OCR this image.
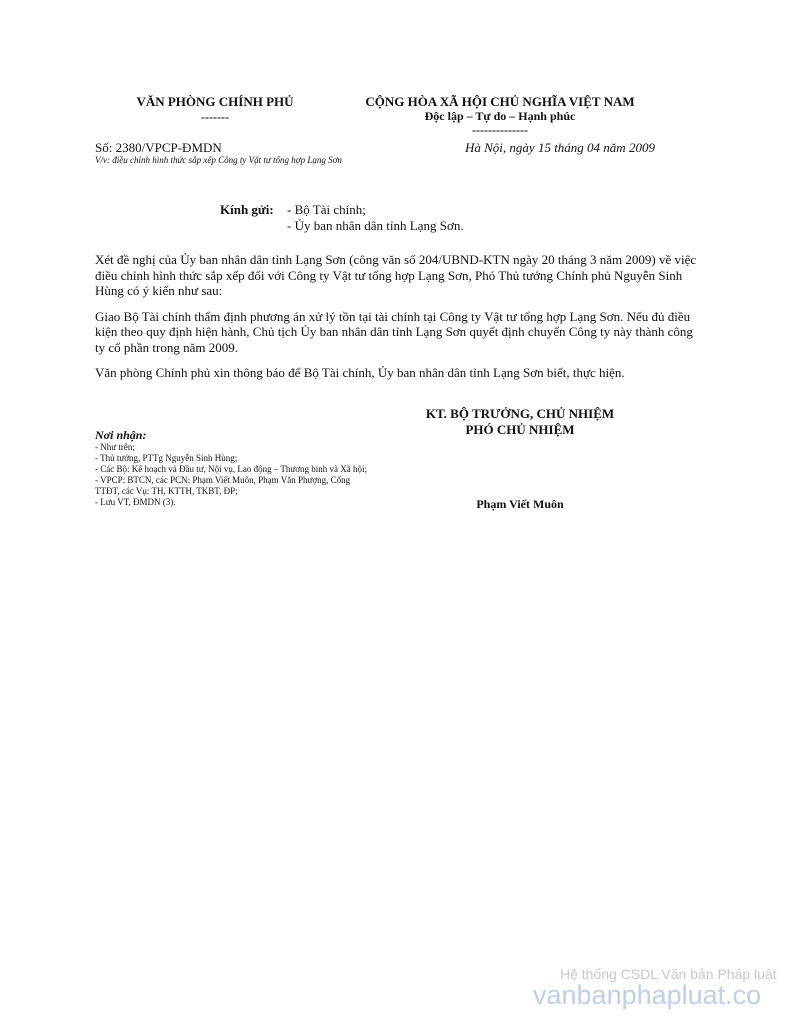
VĂN PHÒNG CHÍNH PHỦ
-------
CỘNG HÒA XÃ HỘI CHỦ NGHĨA VIỆT NAM
Độc lập – Tự do – Hạnh phúc
--------------
Số: 2380/VPCP-ĐMDN
V/v: điều chỉnh hình thức sắp xếp Công ty Vật tư tổng hợp Lạng Sơn
Hà Nội, ngày 15 tháng 04 năm 2009
Kính gửi: - Bộ Tài chính;
- Ủy ban nhân dân tỉnh Lạng Sơn.

Xét đề nghị của Ủy ban nhân dân tỉnh Lạng Sơn (công văn số 204/UBND-KTN ngày 20 tháng 3 năm 2009) về việc điều chỉnh hình thức sắp xếp đối với Công ty Vật tư tổng hợp Lạng Sơn, Phó Thủ tướng Chính phủ Nguyễn Sinh Hùng có ý kiến như sau:

Giao Bộ Tài chính thẩm định phương án xử lý tồn tại tài chính tại Công ty Vật tư tổng hợp Lạng Sơn. Nếu đủ điều kiện theo quy định hiện hành, Chủ tịch Ủy ban nhân dân tỉnh Lạng Sơn quyết định chuyển Công ty này thành công ty cổ phần trong năm 2009.

Văn phòng Chính phủ xin thông báo để Bộ Tài chính, Ủy ban nhân dân tỉnh Lạng Sơn biết, thực hiện.

KT. BỘ TRƯỞNG, CHỦ NHIỆM
PHÓ CHỦ NHIỆM
Phạm Viết Muôn
Nơi nhận:
- Như trên;
- Thủ tướng, PTTg Nguyễn Sinh Hùng;
- Các Bộ: Kế hoạch và Đầu tư, Nội vụ, Lao động – Thương binh và Xã hội;
- VPCP: BTCN, các PCN: Phạm Viết Muôn, Phạm Văn Phượng, Cổng TTĐT, các Vụ: TH, KTTH, TKBT, ĐP;
- Lưu VT, ĐMDN (3).
Hệ thống CSDL Văn bản Pháp luật
vanbanphapluat.co
